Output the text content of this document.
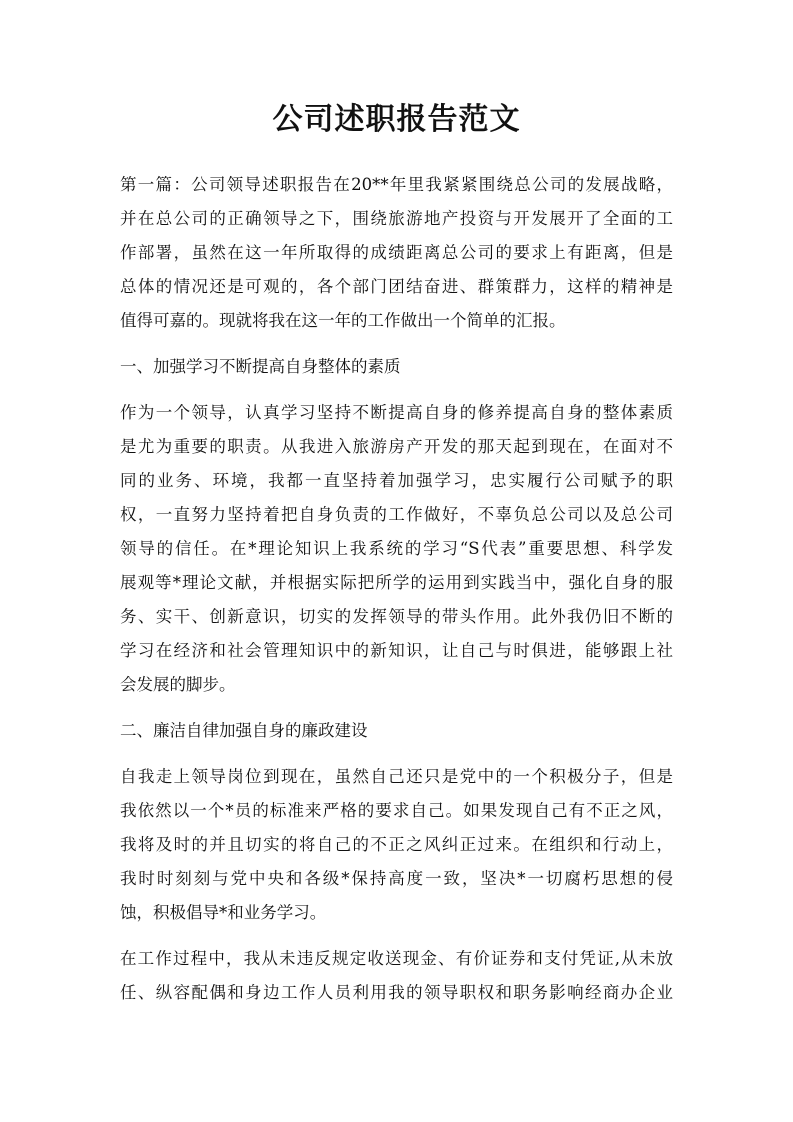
公司述职报告范文
第一篇：公司领导述职报告在20**年里我紧紧围绕总公司的发展战略，
并在总公司的正确领导之下，围绕旅游地产投资与开发展开了全面的工
作部署，虽然在这一年所取得的成绩距离总公司的要求上有距离，但是
总体的情况还是可观的，各个部门团结奋进、群策群力，这样的精神是
值得可嘉的。现就将我在这一年的工作做出一个简单的汇报。
一、加强学习不断提高自身整体的素质
作为一个领导，认真学习坚持不断提高自身的修养提高自身的整体素质
是尤为重要的职责。从我进入旅游房产开发的那天起到现在，在面对不
同的业务、环境，我都一直坚持着加强学习，忠实履行公司赋予的职
权，一直努力坚持着把自身负责的工作做好，不辜负总公司以及总公司
领导的信任。在*理论知识上我系统的学习“S代表”重要思想、科学发
展观等*理论文献，并根据实际把所学的运用到实践当中，强化自身的服
务、实干、创新意识，切实的发挥领导的带头作用。此外我仍旧不断的
学习在经济和社会管理知识中的新知识，让自己与时俱进，能够跟上社
会发展的脚步。
二、廉洁自律加强自身的廉政建设
自我走上领导岗位到现在，虽然自己还只是党中的一个积极分子，但是
我依然以一个*员的标准来严格的要求自己。如果发现自己有不正之风，
我将及时的并且切实的将自己的不正之风纠正过来。在组织和行动上，
我时时刻刻与党中央和各级*保持高度一致，坚决*一切腐朽思想的侵
蚀，积极倡导*和业务学习。
在工作过程中，我从未违反规定收送现金、有价证券和支付凭证,从未放
任、纵容配偶和身边工作人员利用我的领导职权和职务影响经商办企业
